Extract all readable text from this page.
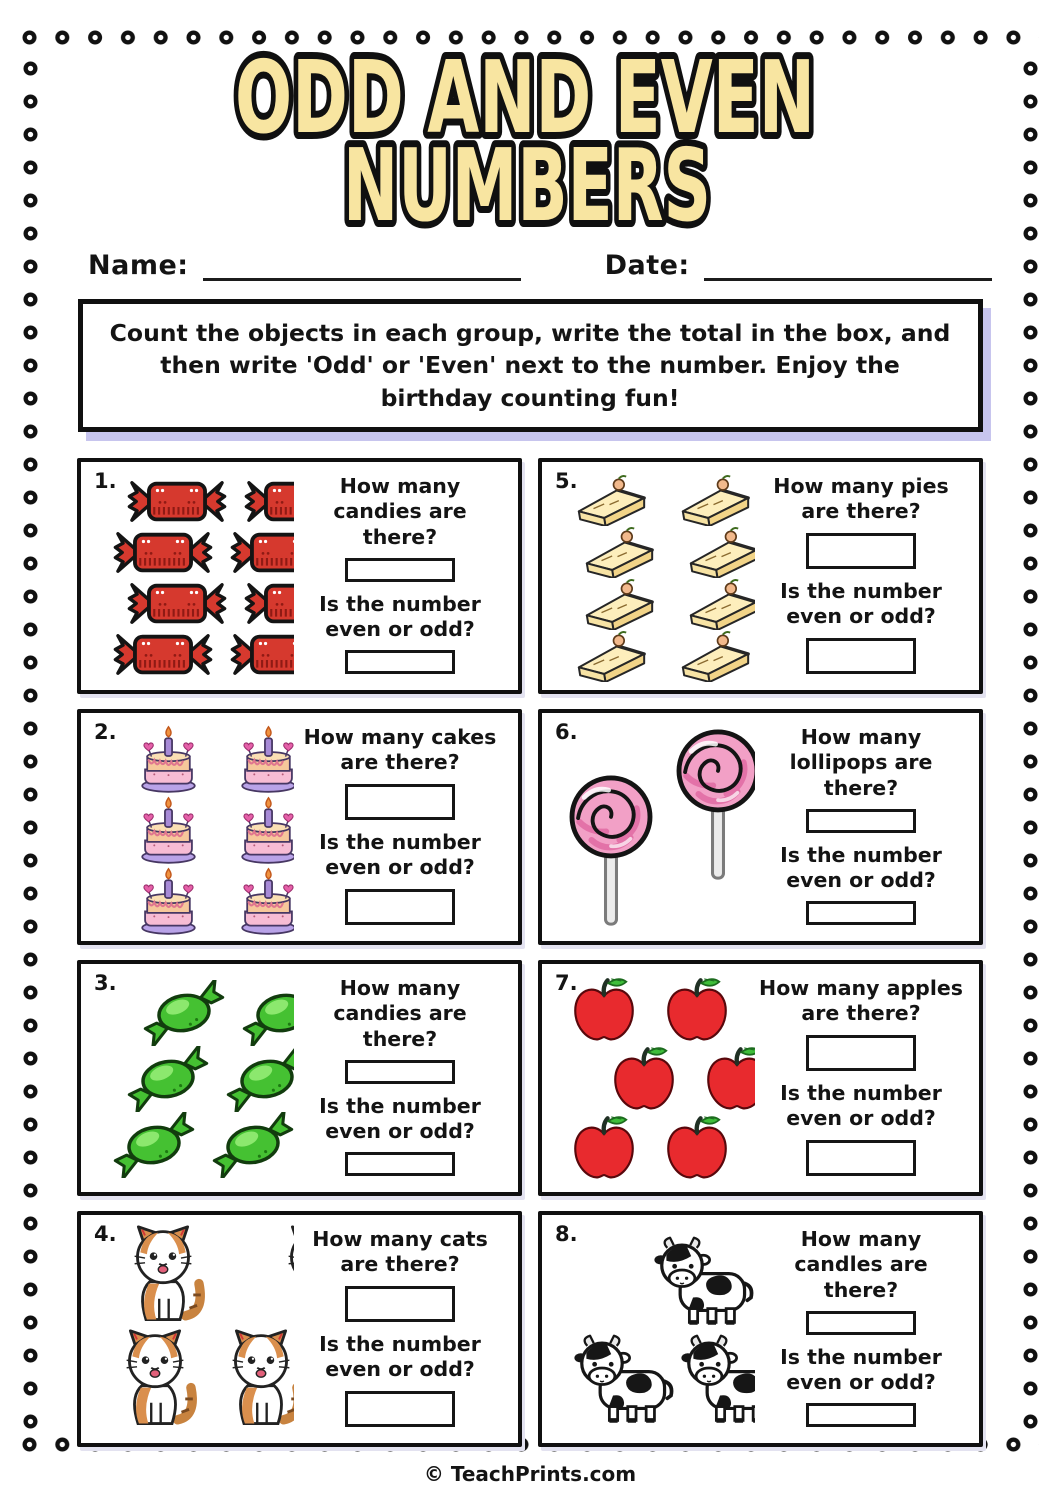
ODD AND EVEN
NUMBERS
Name:	Date:
Count the objects in each group, write the total in the box, and then write 'Odd' or 'Even' next to the number. Enjoy the birthday counting fun!
1.	How many candies are there?

Is the number even or odd?

5.	How many pies are there?

Is the number even or odd?

2.	How many cakes are there?

Is the number even or odd?

6.	How many lollipops are there?

Is the number even or odd?

3.	How many candies are there?

Is the number even or odd?

7.	How many apples are there?

Is the number even or odd?

4.	How many cats are there?

Is the number even or odd?

8.	How many candles are there?

Is the number even or odd?

© TeachPrints.com
